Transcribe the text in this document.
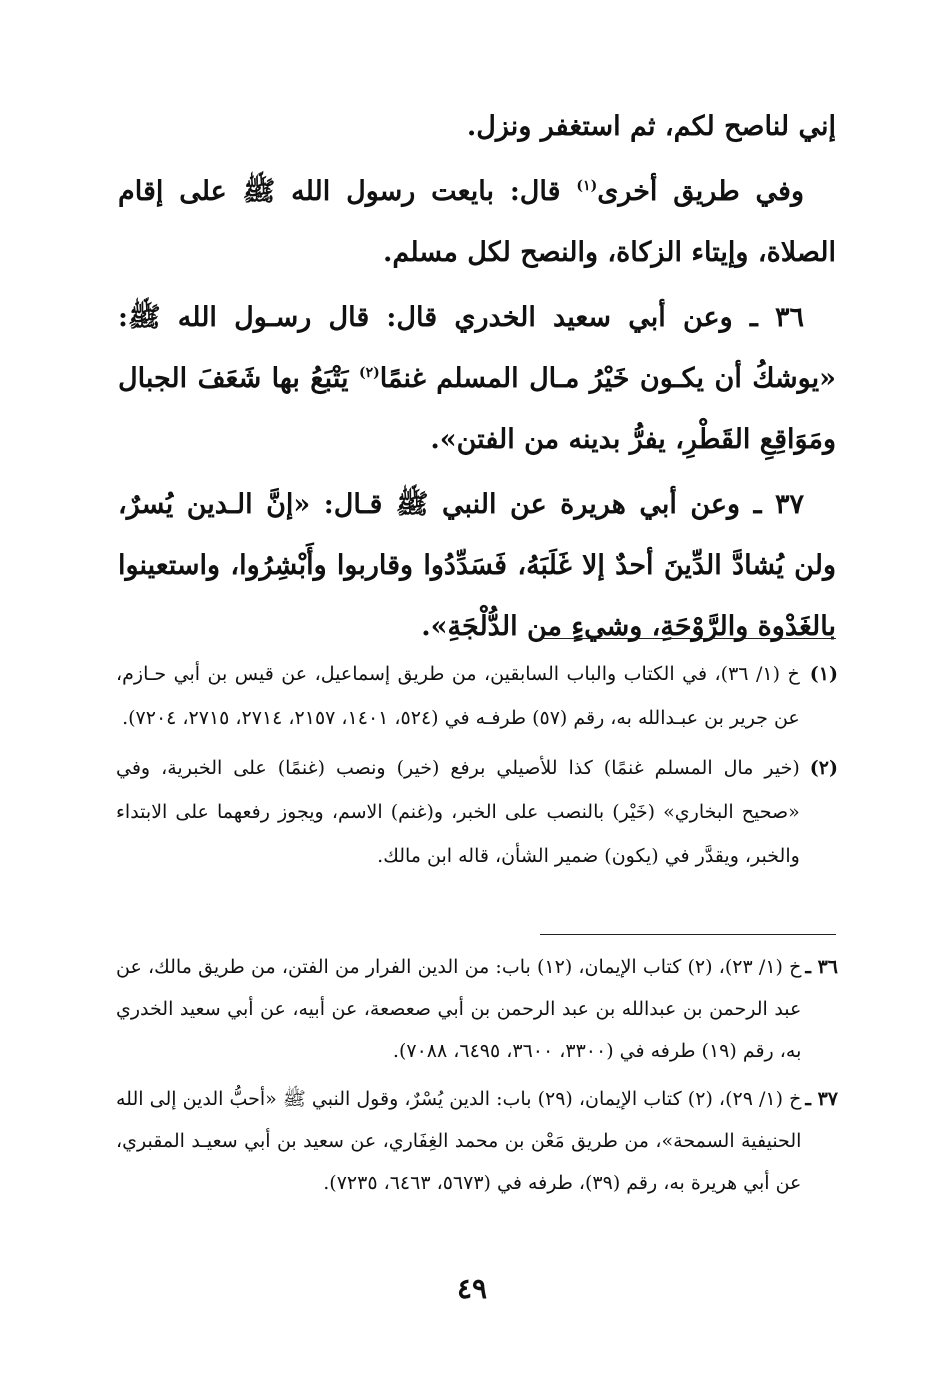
إني لناصح لكم، ثم استغفر ونزل.

وفي طريق أخرى$^{(١)}$ قال: بايعت رسول الله ﷺ على إقام الصلاة، وإيتاء الزكاة، والنصح لكل مسلم.

٣٦ ـ وعن أبي سعيد الخدري قال: قال رسـول الله ﷺ: «يوشكُ أن يكـون خَيْرُ مـال المسلم غنمًا$^{(٢)}$ يَتْبَعُ بها شَعَفَ الجبال ومَوَاقِعِ القَطْرِ، يفرُّ بدينه من الفتن».

٣٧ ـ وعن أبي هريرة عن النبي ﷺ قـال: «إنَّ الـدين يُسرٌ، ولن يُشادَّ الدِّينَ أحدٌ إلا غَلَبَهُ، فَسَدِّدُوا وقاربوا وأَبْشِرُوا، واستعينوا بالغَدْوة والرَّوْحَةِ، وشيءٍ من الدُّلْجَةِ».

(١)
خ (١/ ٣٦)، في الكتاب والباب السابقين، من طريق إسماعيل، عن قيس بن أبي حـازم، عن جرير بن عبـدالله به، رقم (٥٧) طرفـه في (٥٢٤، ١٤٠١، ٢١٥٧، ٢٧١٤، ٢٧١٥، ٧٢٠٤).
(٢)
(خير مال المسلم غنمًا) كذا للأصيلي برفع (خير) ونصب (غنمًا) على الخبرية، وفي «صحيح البخاري» (خَيْر) بالنصب على الخبر، و(غنم) الاسم، ويجوز رفعهما على الابتداء والخبر، ويقدَّر في (يكون) ضمير الشأن، قاله ابن مالك.
٣٦ ـ
خ (١/ ٢٣)، (٢) كتاب الإيمان، (١٢) باب: من الدين الفرار من الفتن، من طريق مالك، عن عبد الرحمن بن عبدالله بن عبد الرحمن بن أبي صعصعة، عن أبيه، عن أبي سعيد الخدري به، رقم (١٩) طرفه في (٣٣٠٠، ٣٦٠٠، ٦٤٩٥، ٧٠٨٨).
٣٧ ـ
خ (١/ ٢٩)، (٢) كتاب الإيمان، (٢٩) باب: الدين يُسْرٌ، وقول النبي ﷺ «أحبُّ الدين إلى الله الحنيفية السمحة»، من طريق مَعْن بن محمد الغِفَاري، عن سعيد بن أبي سعيـد المقبري، عن أبي هريرة به، رقم (٣٩)، طرفه في (٥٦٧٣، ٦٤٦٣، ٧٢٣٥).
٤٩
